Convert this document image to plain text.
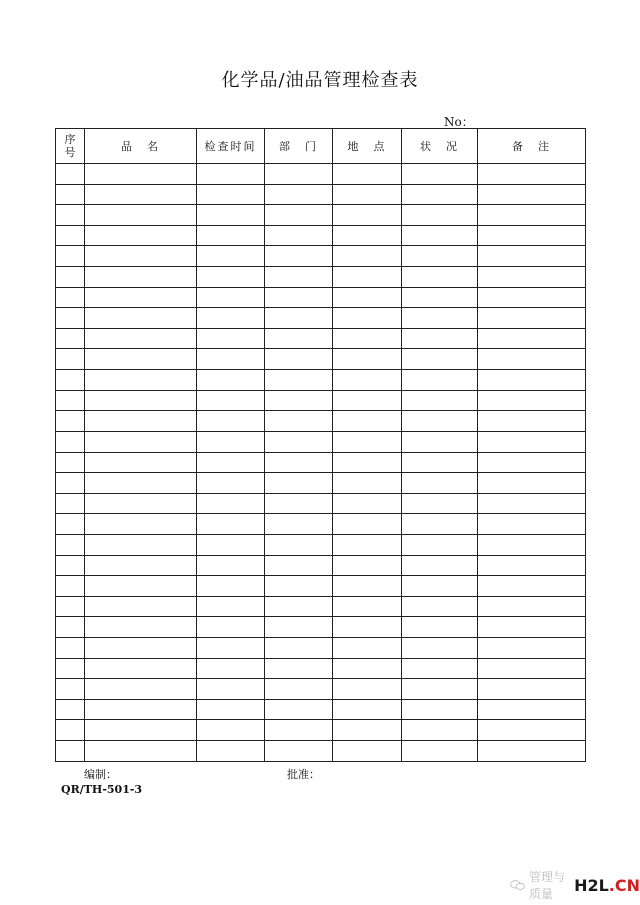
化学品/油品管理检查表
No：
序
号	品　名	检查时间	部　门	地　点	状　况	备　注

编制：	批准：
QR/TH-501-3
管理与质量	H2L.CN
